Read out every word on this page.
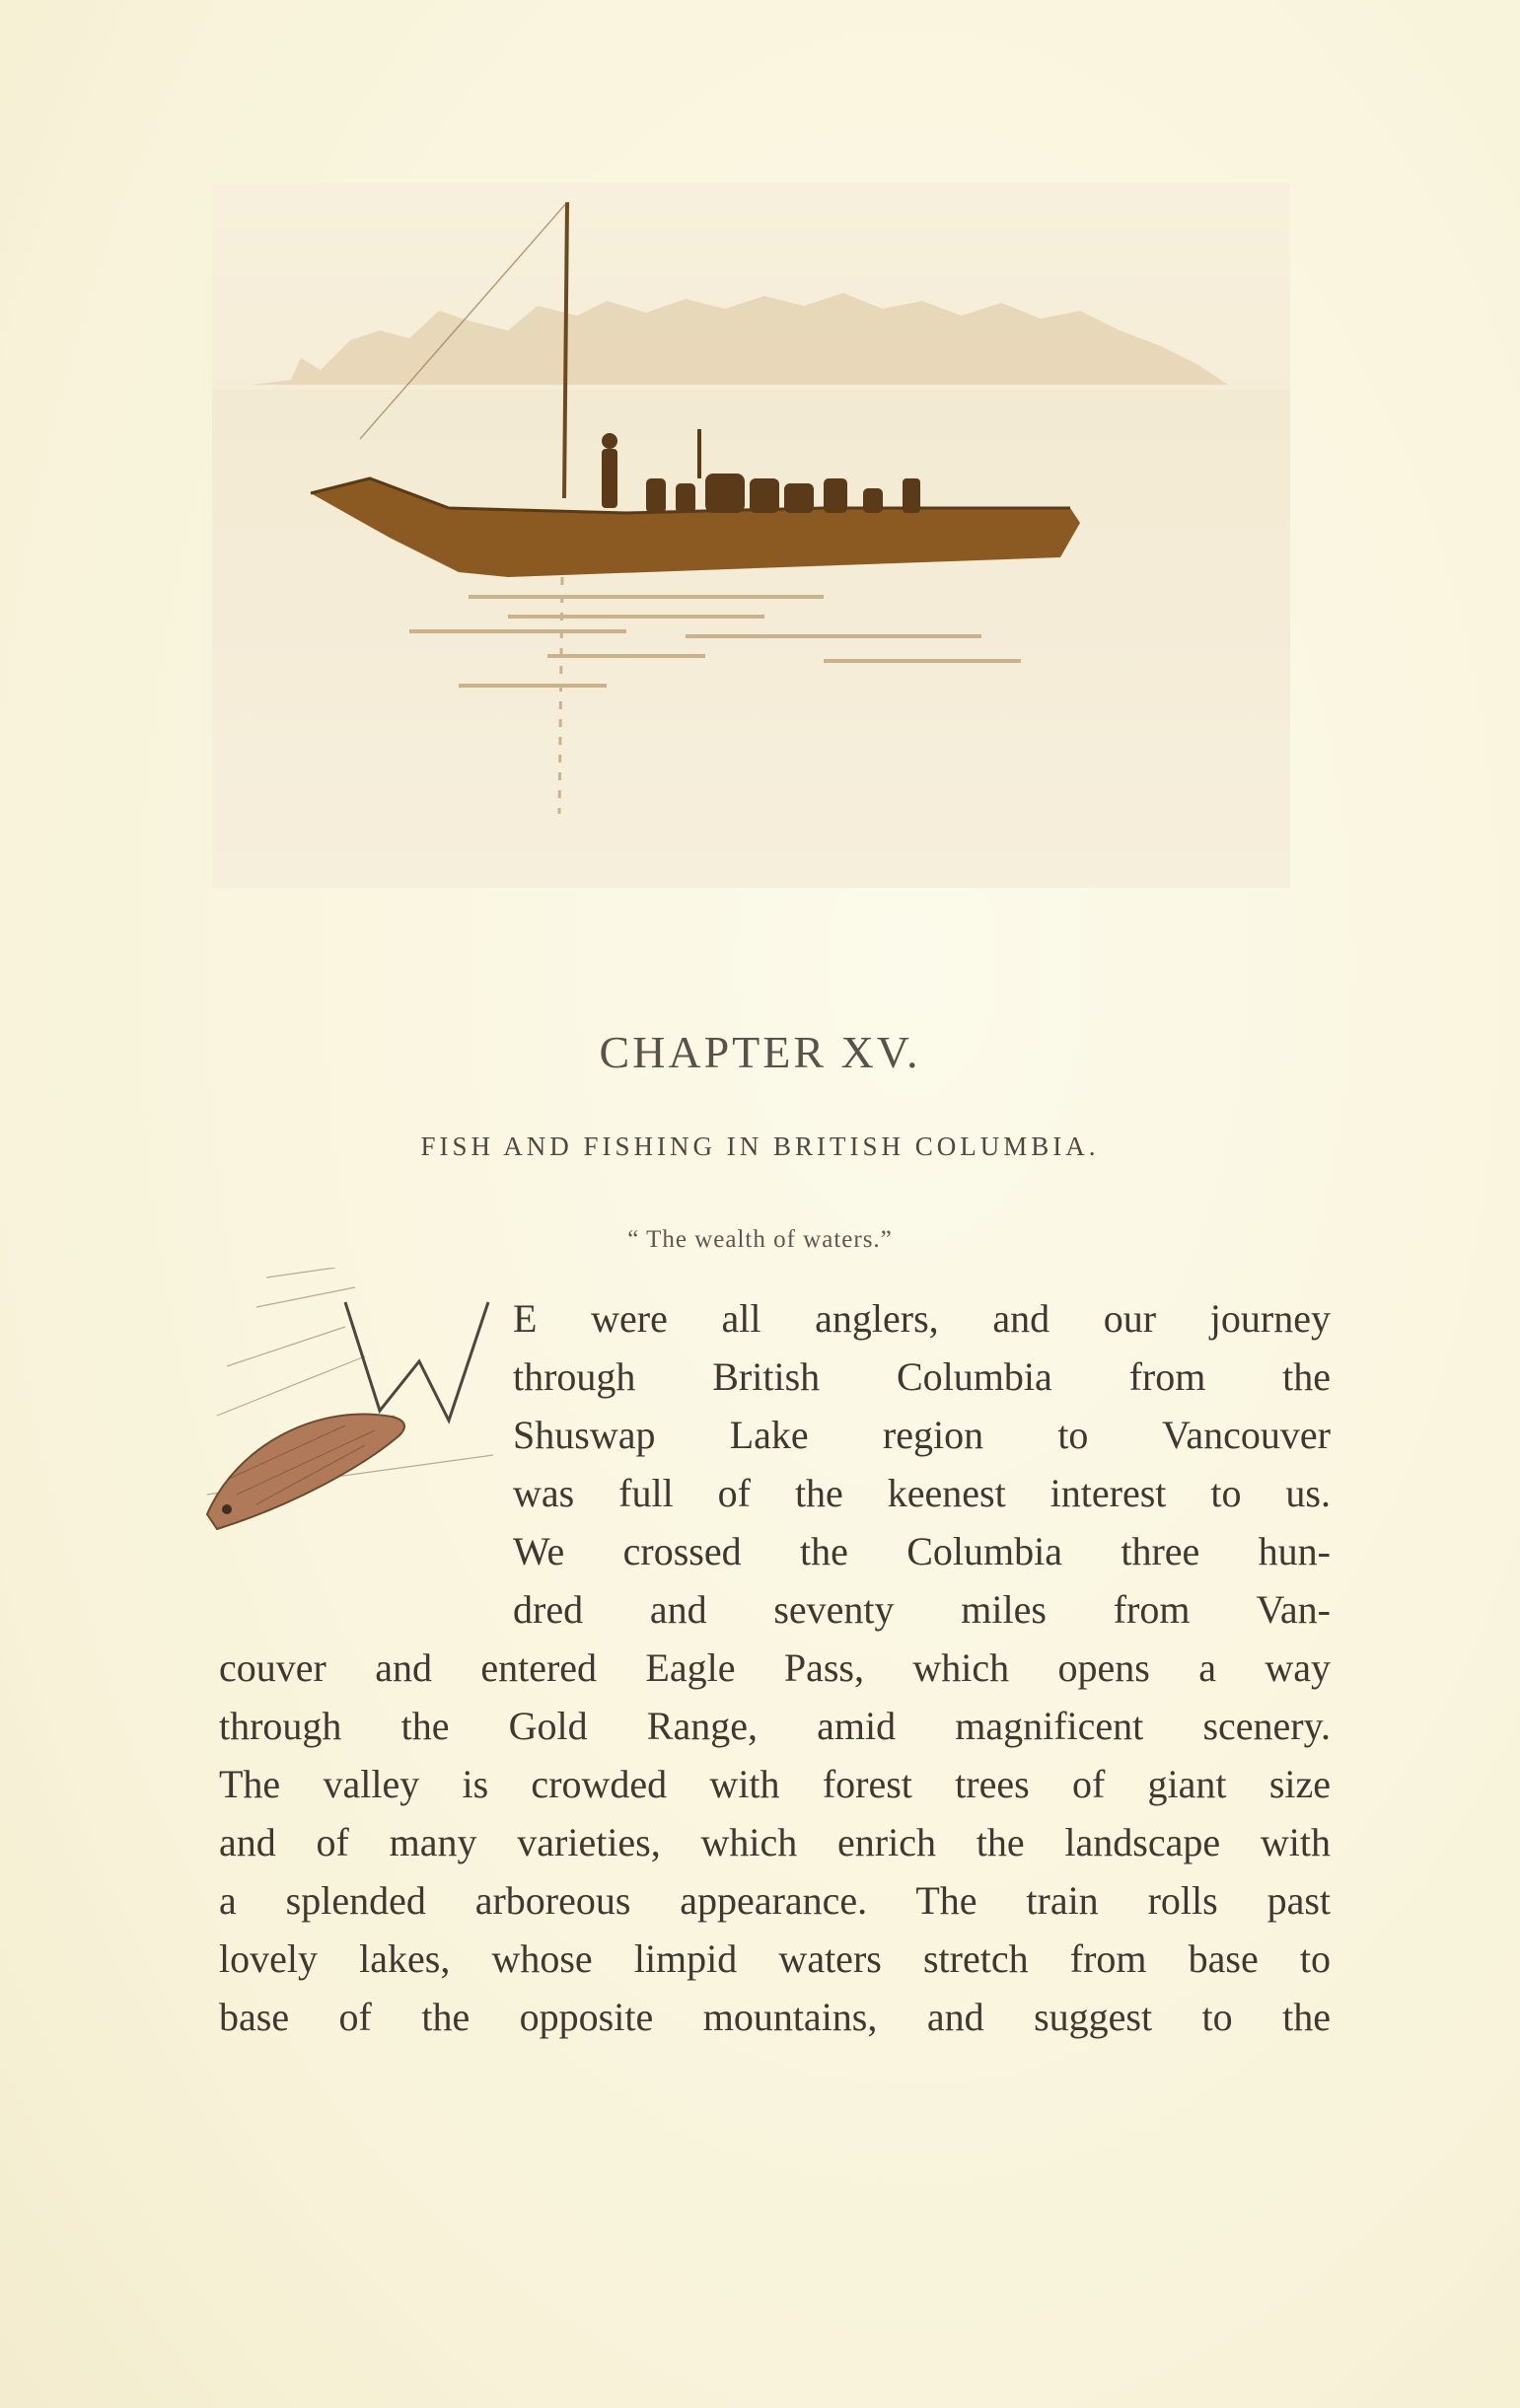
CHAPTER XV.
FISH AND FISHING IN BRITISH COLUMBIA.
“ The wealth of waters.”
E were all anglers, and our journey
through British Columbia from the
Shuswap Lake region to Vancouver
was full of the keenest interest to us.
We crossed the Columbia three hun-
dred and seventy miles from Van-
couver and entered Eagle Pass, which opens a way
through the Gold Range, amid magnificent scenery.
The valley is crowded with forest trees of giant size
and of many varieties, which enrich the landscape with
a splended arboreous appearance. The train rolls past
lovely lakes, whose limpid waters stretch from base to
base of the opposite mountains, and suggest to the
